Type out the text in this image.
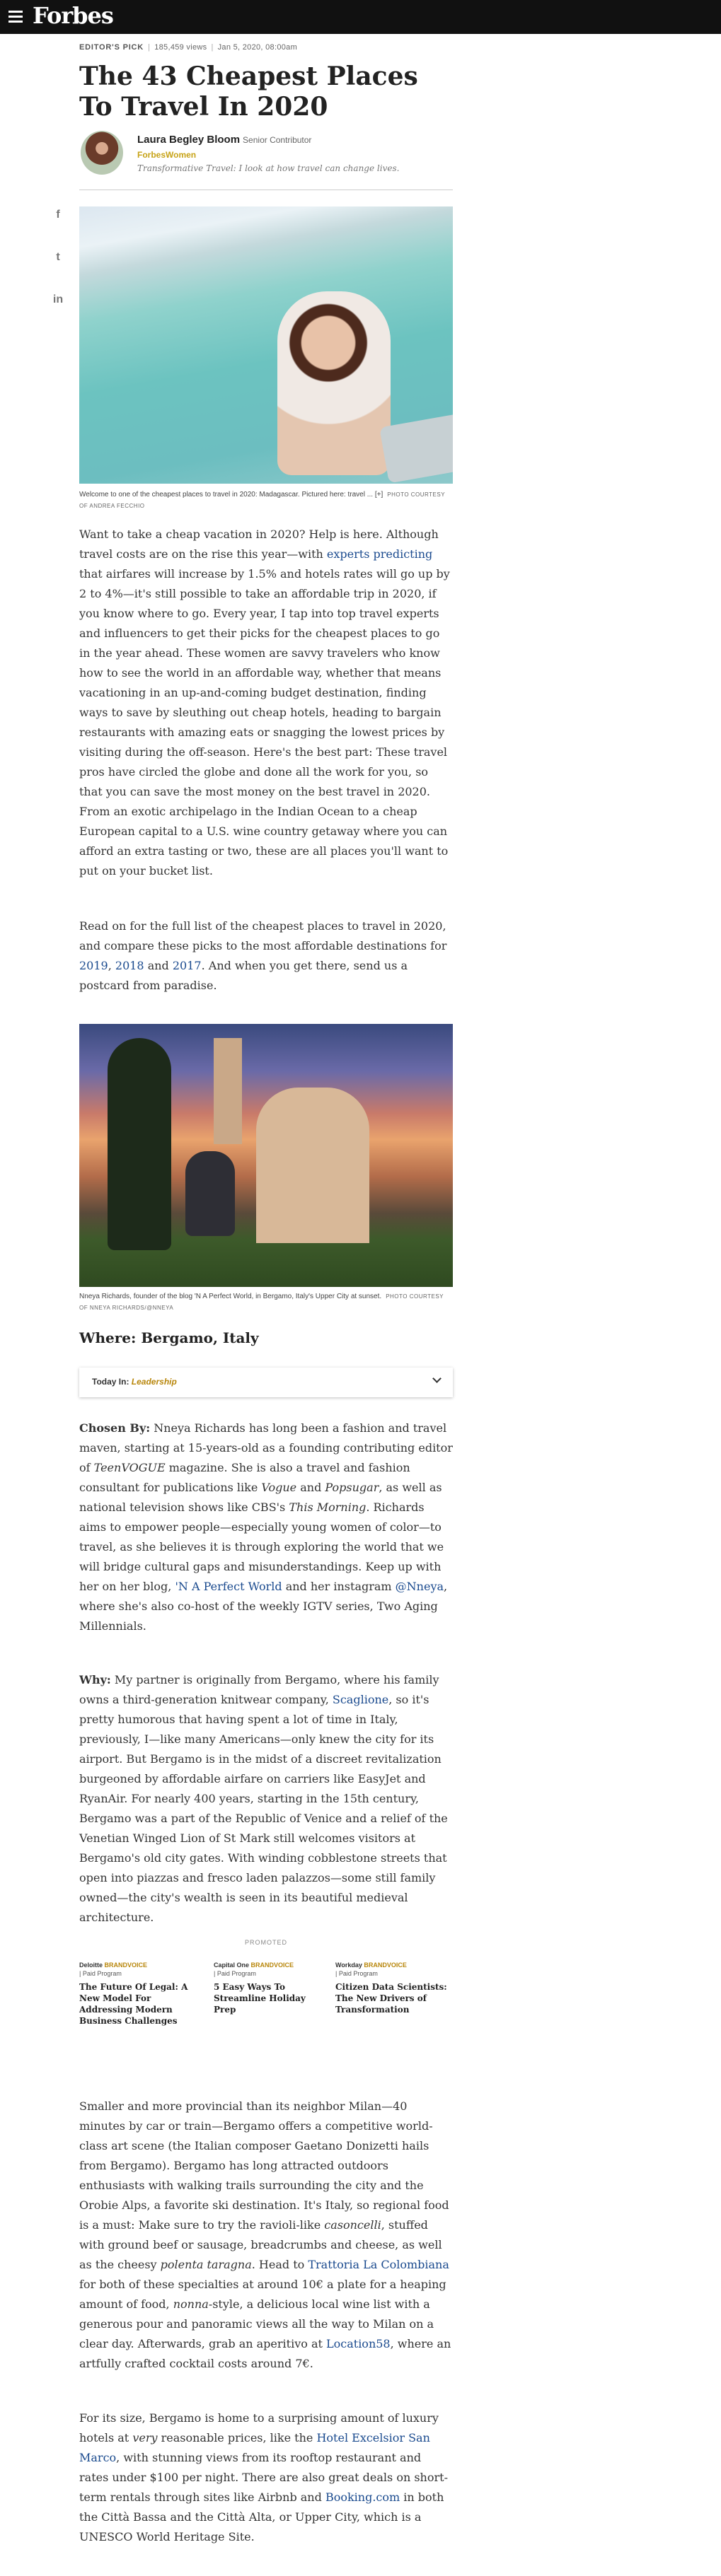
Forbes
f
t
in
EDITOR'S PICK | 185,459 views | Jan 5, 2020, 08:00am
The 43 Cheapest Places To Travel In 2020
Laura Begley Bloom Senior Contributor
ForbesWomen
Transformative Travel: I look at how travel can change lives.
Welcome to one of the cheapest places to travel in 2020: Madagascar. Pictured here: travel ... [+] PHOTO COURTESY OF ANDREA FECCHIO
Want to take a cheap vacation in 2020? Help is here. Although travel costs are on the rise this year—with experts predicting that airfares will increase by 1.5% and hotels rates will go up by 2 to 4%—it's still possible to take an affordable trip in 2020, if you know where to go. Every year, I tap into top travel experts and influencers to get their picks for the cheapest places to go in the year ahead. These women are savvy travelers who know how to see the world in an affordable way, whether that means vacationing in an up-and-coming budget destination, finding ways to save by sleuthing out cheap hotels, heading to bargain restaurants with amazing eats or snagging the lowest prices by visiting during the off-season. Here's the best part: These travel pros have circled the globe and done all the work for you, so that you can save the most money on the best travel in 2020. From an exotic archipelago in the Indian Ocean to a cheap European capital to a U.S. wine country getaway where you can afford an extra tasting or two, these are all places you'll want to put on your bucket list.
Read on for the full list of the cheapest places to travel in 2020, and compare these picks to the most affordable destinations for 2019, 2018 and 2017. And when you get there, send us a postcard from paradise.
Nneya Richards, founder of the blog 'N A Perfect World, in Bergamo, Italy's Upper City at sunset. PHOTO COURTESY OF NNEYA RICHARDS/@NNEYA
Where: Bergamo, Italy
Today In: Leadership
Chosen By: Nneya Richards has long been a fashion and travel maven, starting at 15-years-old as a founding contributing editor of TeenVOGUE magazine. She is also a travel and fashion consultant for publications like Vogue and Popsugar, as well as national television shows like CBS's This Morning. Richards aims to empower people—especially young women of color—to travel, as she believes it is through exploring the world that we will bridge cultural gaps and misunderstandings. Keep up with her on her blog, 'N A Perfect World and her instagram @Nneya, where she's also co-host of the weekly IGTV series, Two Aging Millennials.
Why: My partner is originally from Bergamo, where his family owns a third-generation knitwear company, Scaglione, so it's pretty humorous that having spent a lot of time in Italy, previously, I—like many Americans—only knew the city for its airport. But Bergamo is in the midst of a discreet revitalization burgeoned by affordable airfare on carriers like EasyJet and RyanAir. For nearly 400 years, starting in the 15th century, Bergamo was a part of the Republic of Venice and a relief of the Venetian Winged Lion of St Mark still welcomes visitors at Bergamo's old city gates. With winding cobblestone streets that open into piazzas and fresco laden palazzos—some still family owned—the city's wealth is seen in its beautiful medieval architecture.
PROMOTED
Deloitte BRANDVOICE
| Paid Program
The Future Of Legal: A New Model For Addressing Modern Business Challenges
Capital One BRANDVOICE
| Paid Program
5 Easy Ways To Streamline Holiday Prep
Workday BRANDVOICE
| Paid Program
Citizen Data Scientists: The New Drivers of Transformation
Smaller and more provincial than its neighbor Milan—40 minutes by car or train—Bergamo offers a competitive world-class art scene (the Italian composer Gaetano Donizetti hails from Bergamo). Bergamo has long attracted outdoors enthusiasts with walking trails surrounding the city and the Orobie Alps, a favorite ski destination. It's Italy, so regional food is a must: Make sure to try the ravioli-like casoncelli, stuffed with ground beef or sausage, breadcrumbs and cheese, as well as the cheesy polenta taragna. Head to Trattoria La Colombiana for both of these specialties at around 10€ a plate for a heaping amount of food, nonna-style, a delicious local wine list with a generous pour and panoramic views all the way to Milan on a clear day. Afterwards, grab an aperitivo at Location58, where an artfully crafted cocktail costs around 7€.
For its size, Bergamo is home to a surprising amount of luxury hotels at very reasonable prices, like the Hotel Excelsior San Marco, with stunning views from its rooftop restaurant and rates under $100 per night. There are also great deals on short-term rentals through sites like Airbnb and Booking.com in both the Città Bassa and the Città Alta, or Upper City, which is a UNESCO World Heritage Site.
